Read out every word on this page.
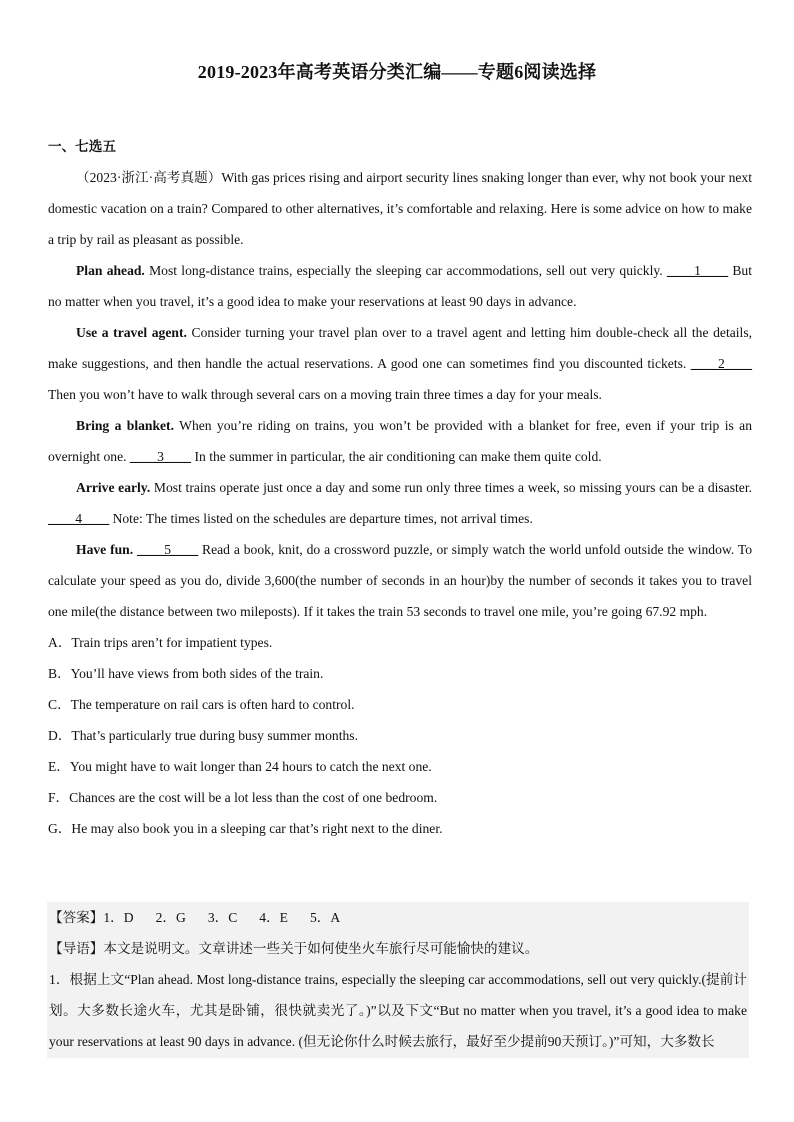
2019-2023年高考英语分类汇编——专题6阅读选择
一、七选五

（2023·浙江·高考真题）With gas prices rising and airport security lines snaking longer than ever, why not book your next domestic vacation on a train? Compared to other alternatives, it’s comfortable and relaxing. Here is some advice on how to make a trip by rail as pleasant as possible.

Plan ahead. Most long-distance trains, especially the sleeping car accommodations, sell out very quickly. ____1____ But no matter when you travel, it’s a good idea to make your reservations at least 90 days in advance.

Use a travel agent. Consider turning your travel plan over to a travel agent and letting him double-check all the details, make suggestions, and then handle the actual reservations. A good one can sometimes find you discounted tickets. ____2____ Then you won’t have to walk through several cars on a moving train three times a day for your meals.

Bring a blanket. When you’re riding on trains, you won’t be provided with a blanket for free, even if your trip is an overnight one. ____3____ In the summer in particular, the air conditioning can make them quite cold.

Arrive early. Most trains operate just once a day and some run only three times a week, so missing yours can be a disaster. ____4____ Note: The times listed on the schedules are departure times, not arrival times.

Have fun. ____5____ Read a book, knit, do a crossword puzzle, or simply watch the world unfold outside the window. To calculate your speed as you do, divide 3,600(the number of seconds in an hour)by the number of seconds it takes you to travel one mile(the distance between two mileposts). If it takes the train 53 seconds to travel one mile, you’re going 67.92 mph.

A．Train trips aren’t for impatient types.

B．You’ll have views from both sides of the train.

C．The temperature on rail cars is often hard to control.

D．That’s particularly true during busy summer months.

E．You might have to wait longer than 24 hours to catch the next one.

F．Chances are the cost will be a lot less than the cost of one bedroom.

G．He may also book you in a sleeping car that’s right next to the diner.

【答案】1．D 2．G 3．C 4．E 5．A

【导语】本文是说明文。文章讲述一些关于如何使坐火车旅行尽可能愉快的建议。

1．根据上文“Plan ahead. Most long-distance trains, especially the sleeping car accommodations, sell out very quickly.(提前计划。大多数长途火车，尤其是卧铺，很快就卖光了。)”以及下文“But no matter when you travel, it’s a good idea to make your reservations at least 90 days in advance. (但无论你什么时候去旅行，最好至少提前90天预订。)”可知，大多数长
